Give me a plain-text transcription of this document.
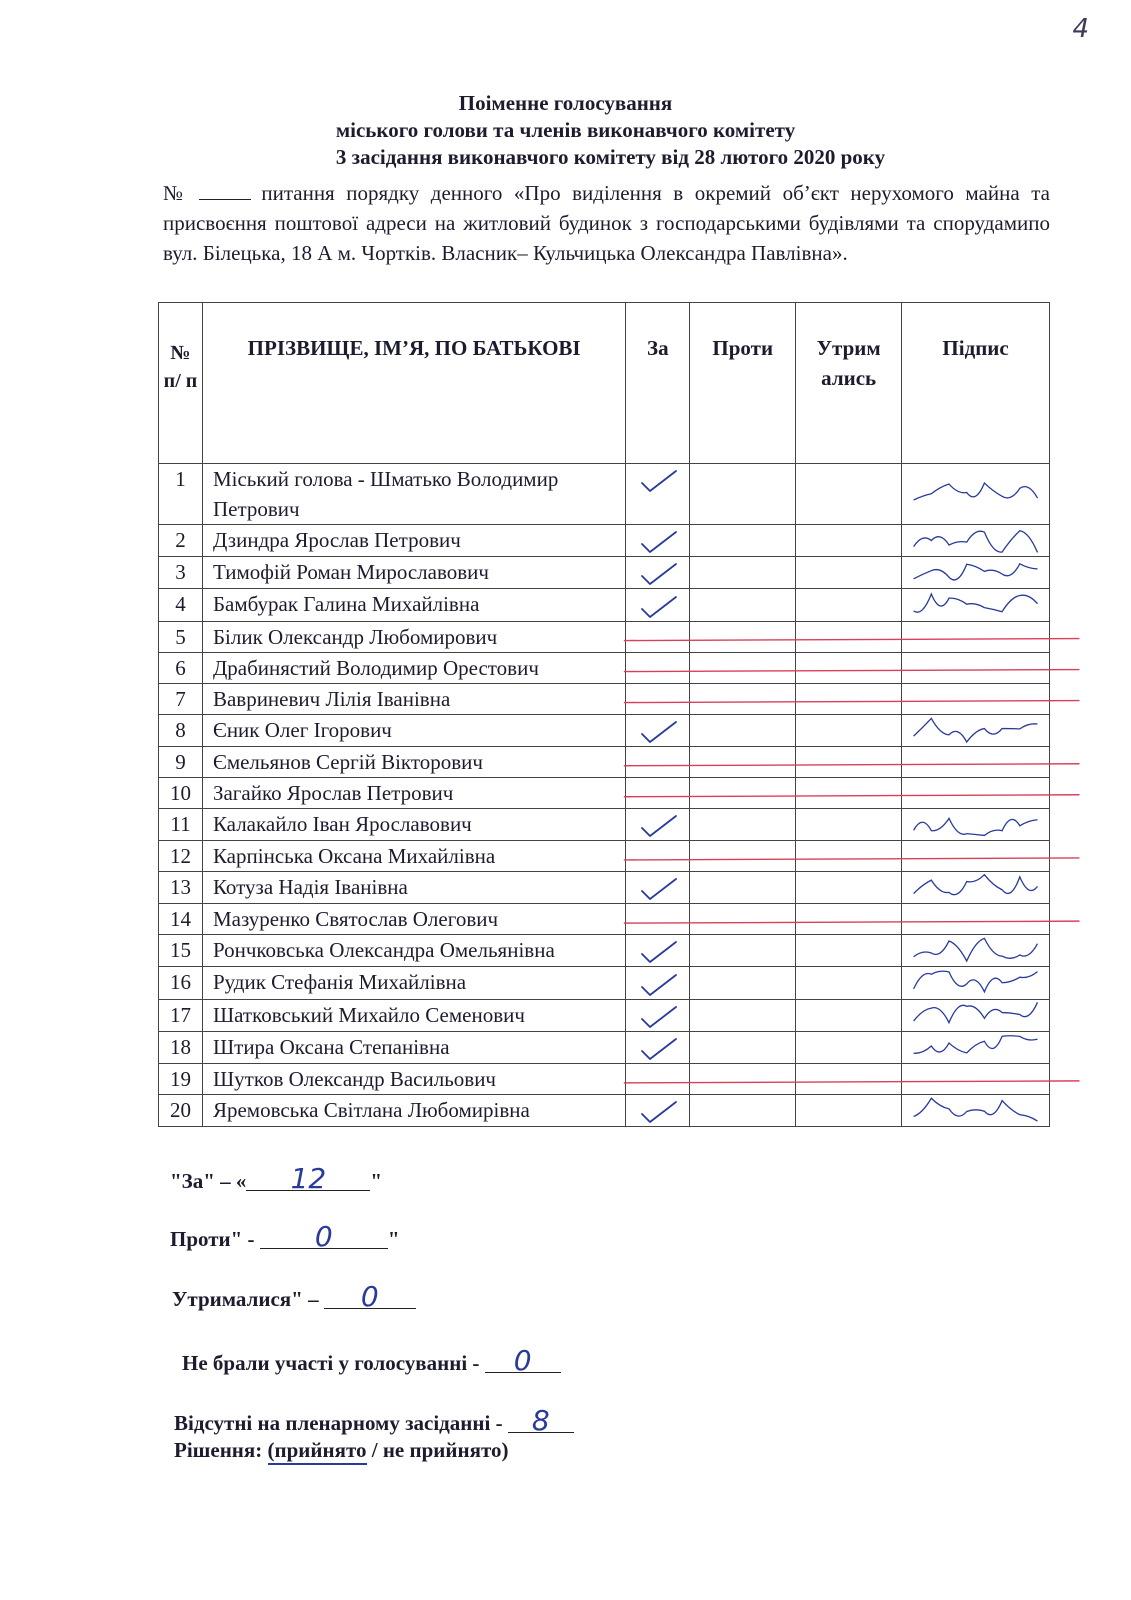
4
Поіменне голосування
міського голови та членів виконавчого комітету
3 засідання виконавчого комітету від 28 лютого 2020 року
№	питання порядку денного «Про виділення в окремий об’єкт нерухомого майна та присвоєння поштової адреси на житловий будинок з господарськими будівлями та спорудамипо вул. Білецька, 18 А м. Чортків. Власник– Кульчицька Олександра Павлівна».
№ п/ п	ПРІЗВИЩЕ, ІМ’Я, ПО БАТЬКОВІ	За	Проти	Утрим ались	Підпис
1	Міський голова - Шматько Володимир Петрович				
2	Дзиндра Ярослав Петрович				
3	Тимофій Роман Мирославович				
4	Бамбурак Галина Михайлівна				
5	Білик Олександр Любомирович				
6	Драбинястий Володимир Орестович				
7	Вавриневич Лілія Іванівна				
8	Єник Олег Ігорович				
9	Ємельянов Сергій Вікторович				
10	Загайко Ярослав Петрович				
11	Калакайло Іван Ярославович				
12	Карпінська Оксана Михайлівна				
13	Котуза Надія Іванівна				
14	Мазуренко Святослав Олегович				
15	Рончковська Олександра Омельянівна				
16	Рудик Стефанія Михайлівна				
17	Шатковський Михайло Семенович				
18	Штира Оксана Степанівна				
19	Шутков Олександр Васильович				
20	Яремовська Світлана Любомирівна				
"За" – « 12 "
Проти" - 0	"
Утрималися" – 0
Не брали участі у голосуванні - 0
Відсутні на пленарному засіданні - 8
Рішення: (прийнято / не прийнято)
